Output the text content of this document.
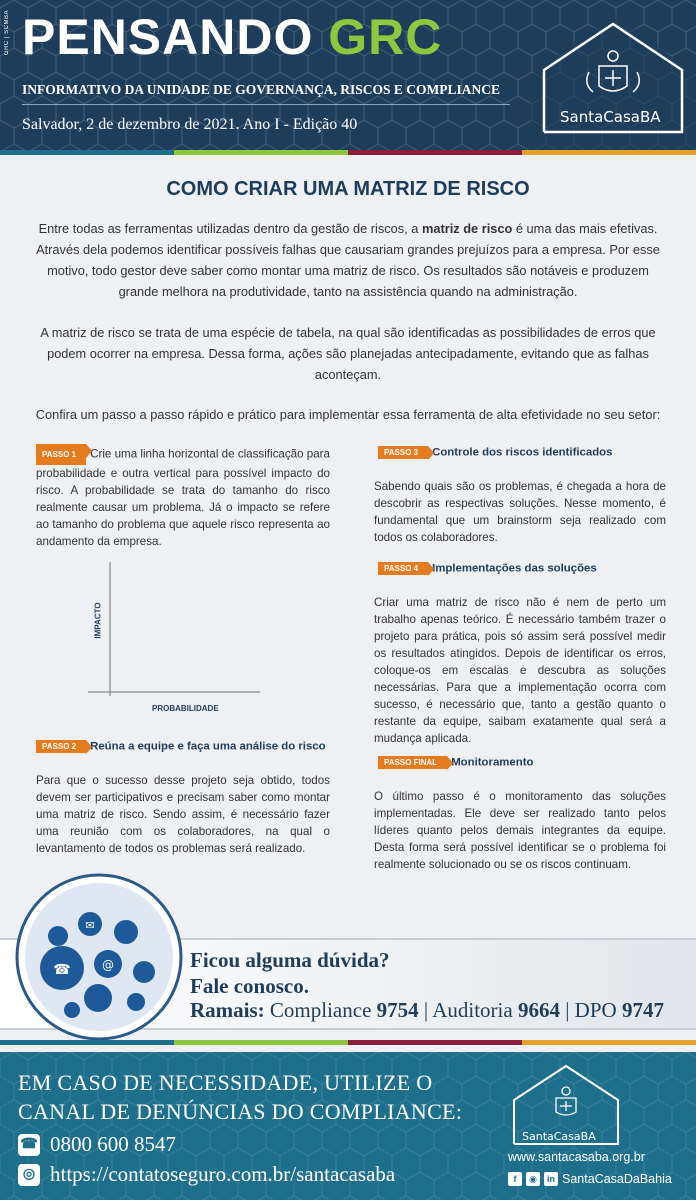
GRC | SCMBA PENSANDO GRC
INFORMATIVO DA UNIDADE DE GOVERNANÇA, RISCOS E COMPLIANCE
Salvador, 2 de dezembro de 2021. Ano I - Edição 40	SantaCasaBA
COMO CRIAR UMA MATRIZ DE RISCO
Entre todas as ferramentas utilizadas dentro da gestão de riscos, a matriz de risco é uma das mais efetivas. Através dela podemos identificar possíveis falhas que causariam grandes prejuízos para a empresa. Por esse motivo, todo gestor deve saber como montar uma matriz de risco. Os resultados são notáveis e produzem grande melhora na produtividade, tanto na assistência quando na administração.
A matriz de risco se trata de uma espécie de tabela, na qual são identificadas as possibilidades de erros que podem ocorrer na empresa. Dessa forma, ações são planejadas antecipadamente, evitando que as falhas aconteçam.
Confira um passo a passo rápido e prático para implementar essa ferramenta de alta efetividade no seu setor:
PASSO 1 Crie uma linha horizontal de classificação para probabilidade e outra vertical para possível impacto do risco. A probabilidade se trata do tamanho do risco realmente causar um problema. Já o impacto se refere ao tamanho do problema que aquele risco representa ao andamento da empresa.
IMPACTO
PROBABILIDADE
PASSO 2 Reúna a equipe e faça uma análise do risco
Para que o sucesso desse projeto seja obtido, todos devem ser participativos e precisam saber como montar uma matriz de risco. Sendo assim, é necessário fazer uma reunião com os colaboradores, na qual o levantamento de todos os problemas será realizado.
PASSO 3 Controle dos riscos identificados
Sabendo quais são os problemas, é chegada a hora de descobrir as respectivas soluções. Nesse momento, é fundamental que um brainstorm seja realizado com todos os colaboradores.
PASSO 4 Implementações das soluções
Criar uma matriz de risco não é nem de perto um trabalho apenas teórico. É necessário também trazer o projeto para prática, pois só assim será possível medir os resultados atingidos. Depois de identificar os erros, coloque-os em escalas e descubra as soluções necessárias. Para que a implementação ocorra com sucesso, é necessário que, tanto a gestão quanto o restante da equipe, saibam exatamente qual será a mudança aplicada.
PASSO FINAL Monitoramento
O último passo é o monitoramento das soluções implementadas. Ele deve ser realizado tanto pelos líderes quanto pelos demais integrantes da equipe. Desta forma será possível identificar se o problema foi realmente solucionado ou se os riscos continuam.
Ficou alguma dúvida?
Fale conosco.
Ramais: Compliance 9754 | Auditoria 9664 | DPO 9747
☎
✉
@
EM CASO DE NECESSIDADE, UTILIZE O
CANAL DE DENÚNCIAS DO COMPLIANCE:
☎ 0800 600 8547
◎ https://contatoseguro.com.br/santacasaba
SantaCasaBA
www.santacasaba.org.br
f	◉	in SantaCasaDaBahia
